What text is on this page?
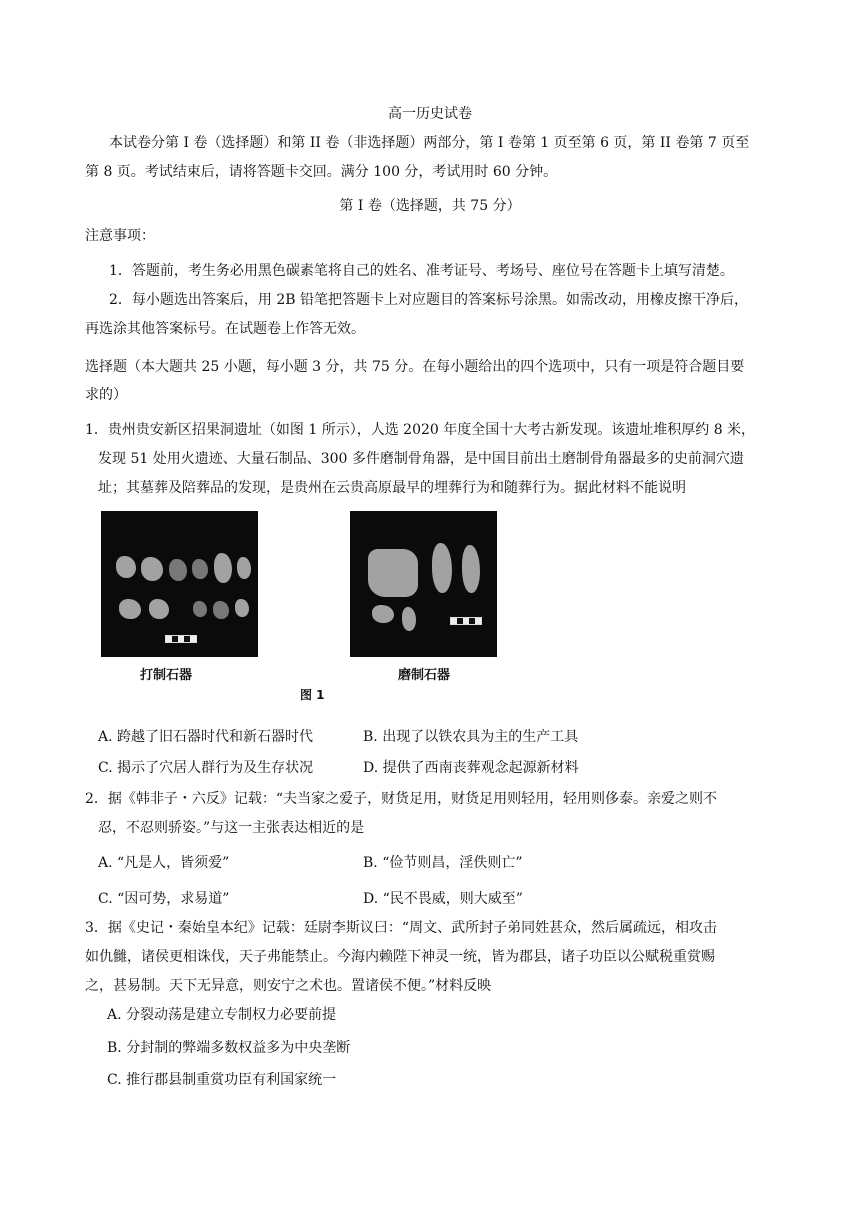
高一历史试卷
本试卷分第 I 卷（选择题）和第 II 卷（非选择题）两部分，第 I 卷第 1 页至第 6 页，第 II 卷第 7 页至
第 8 页。考试结束后，请将答题卡交回。满分 100 分，考试用时 60 分钟。
第 I 卷（选择题，共 75 分）
注意事项：
1．答题前，考生务必用黑色碳素笔将自己的姓名、准考证号、考场号、座位号在答题卡上填写清楚。
2．每小题选出答案后，用 2B 铅笔把答题卡上对应题目的答案标号涂黑。如需改动，用橡皮擦干净后，
再选涂其他答案标号。在试题卷上作答无效。
选择题（本大题共 25 小题，每小题 3 分，共 75 分。在每小题给出的四个选项中，只有一项是符合题目要
求的）
1．贵州贵安新区招果洞遗址（如图 1 所示），人选 2020 年度全国十大考古新发现。该遗址堆积厚约 8 米，
发现 51 处用火遗迹、大量石制品、300 多件磨制骨角器，是中国目前出土磨制骨角器最多的史前洞穴遗
址；其墓葬及陪葬品的发现，是贵州在云贵高原最早的埋葬行为和随葬行为。据此材料不能说明
打制石器	磨制石器
图 1
A. 跨越了旧石器时代和新石器时代	B. 出现了以铁农具为主的生产工具
C. 揭示了穴居人群行为及生存状况	D. 提供了西南丧葬观念起源新材料
2．据《韩非子・六反》记载：“夫当家之爱子，财货足用，财货足用则轻用，轻用则侈泰。亲爱之则不
忍，不忍则骄姿。”与这一主张表达相近的是
A. “凡是人，皆须爱”	B. “俭节则昌，淫佚则亡”
C. “因可势，求易道”	D. “民不畏威，则大威至”
3．据《史记・秦始皇本纪》记载：廷尉李斯议曰：“周文、武所封子弟同姓甚众，然后属疏远，相攻击
如仇雠，诸侯更相诛伐，天子弗能禁止。今海内赖陛下神灵一统，皆为郡县，诸子功臣以公赋税重赏赐
之，甚易制。天下无异意，则安宁之术也。置诸侯不便。”材料反映
A. 分裂动荡是建立专制权力必要前提
B. 分封制的弊端多数权益多为中央垄断
C. 推行郡县制重赏功臣有利国家统一
